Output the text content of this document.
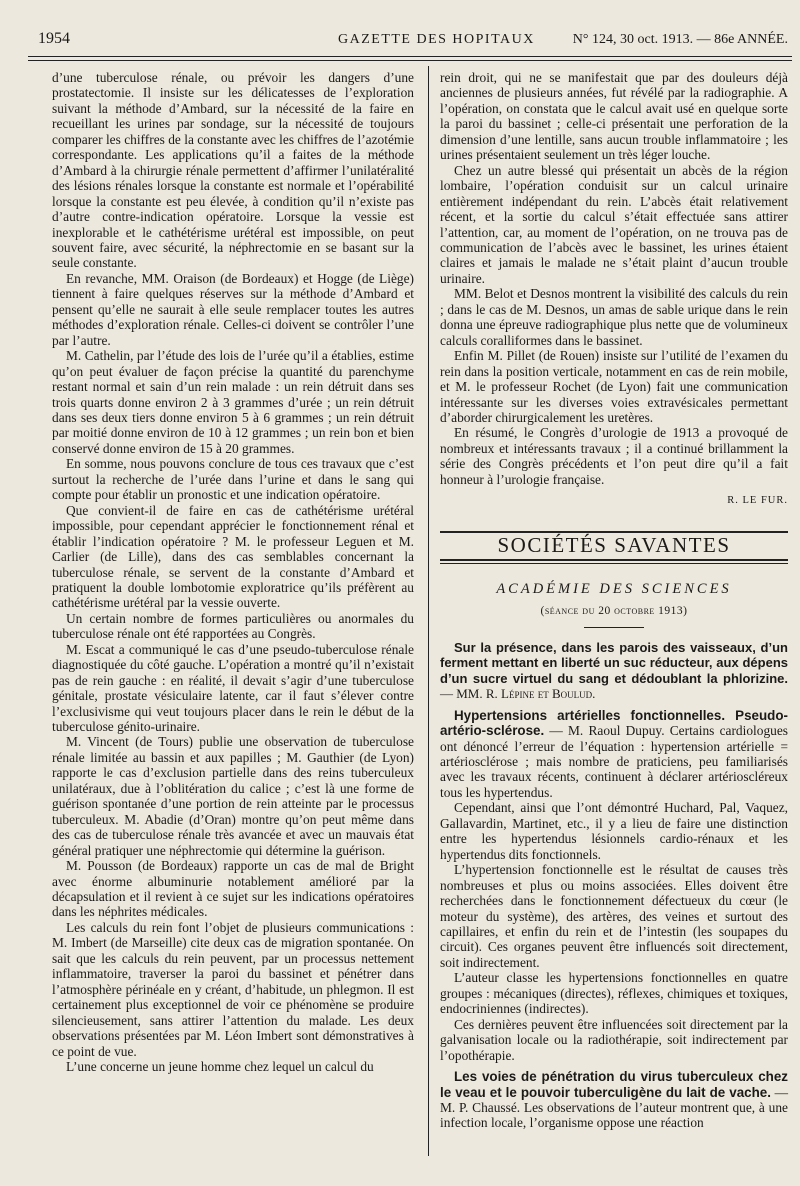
1954	GAZETTE DES HOPITAUX	N° 124, 30 oct. 1913. — 86e ANNÉE.

d’une tuberculose rénale, ou prévoir les dangers d’une prostatectomie. Il insiste sur les délicatesses de l’exploration suivant la méthode d’Ambard, sur la nécessité de la faire en recueillant les urines par sondage, sur la nécessité de toujours comparer les chiffres de la constante avec les chiffres de l’azotémie correspondante. Les applications qu’il a faites de la méthode d’Ambard à la chirurgie rénale permettent d’affirmer l’unilatéralité des lésions rénales lorsque la constante est normale et l’opérabilité lorsque la constante est peu élevée, à condition qu’il n’existe pas d’autre contre-indication opératoire. Lorsque la vessie est inexplorable et le cathétérisme urétéral est impossible, on peut souvent faire, avec sécurité, la néphrectomie en se basant sur la seule constante.

En revanche, MM. Oraison (de Bordeaux) et Hogge (de Liège) tiennent à faire quelques réserves sur la méthode d’Ambard et pensent qu’elle ne saurait à elle seule remplacer toutes les autres méthodes d’exploration rénale. Celles-ci doivent se contrôler l’une par l’autre.

M. Cathelin, par l’étude des lois de l’urée qu’il a établies, estime qu’on peut évaluer de façon précise la quantité du parenchyme restant normal et sain d’un rein malade : un rein détruit dans ses trois quarts donne environ 2 à 3 grammes d’urée ; un rein détruit dans ses deux tiers donne environ 5 à 6 grammes ; un rein détruit par moitié donne environ de 10 à 12 grammes ; un rein bon et bien conservé donne environ de 15 à 20 grammes.

En somme, nous pouvons conclure de tous ces travaux que c’est surtout la recherche de l’urée dans l’urine et dans le sang qui compte pour établir un pronostic et une indication opératoire.

Que convient-il de faire en cas de cathétérisme urétéral impossible, pour cependant apprécier le fonctionnement rénal et établir l’indication opératoire ? M. le professeur Leguen et M. Carlier (de Lille), dans des cas semblables concernant la tuberculose rénale, se servent de la constante d’Ambard et pratiquent la double lombotomie exploratrice qu’ils préfèrent au cathétérisme urétéral par la vessie ouverte.

Un certain nombre de formes particulières ou anormales du tuberculose rénale ont été rapportées au Congrès.

M. Escat a communiqué le cas d’une pseudo-tuberculose rénale diagnostiquée du côté gauche. L’opération a montré qu’il n’existait pas de rein gauche : en réalité, il devait s’agir d’une tuberculose génitale, prostate vésiculaire latente, car il faut s’élever contre l’exclusivisme qui veut toujours placer dans le rein le début de la tuberculose génito-urinaire.

M. Vincent (de Tours) publie une observation de tuberculose rénale limitée au bassin et aux papilles ; M. Gauthier (de Lyon) rapporte le cas d’exclusion partielle dans des reins tuberculeux unilatéraux, due à l’oblitération du calice ; c’est là une forme de guérison spontanée d’une portion de rein atteinte par le processus tuberculeux. M. Abadie (d’Oran) montre qu’on peut même dans des cas de tuberculose rénale très avancée et avec un mauvais état général pratiquer une néphrectomie qui détermine la guérison.

M. Pousson (de Bordeaux) rapporte un cas de mal de Bright avec énorme albuminurie notablement amélioré par la décapsulation et il revient à ce sujet sur les indications opératoires dans les néphrites médicales.

Les calculs du rein font l’objet de plusieurs communications : M. Imbert (de Marseille) cite deux cas de migration spontanée. On sait que les calculs du rein peuvent, par un processus nettement inflammatoire, traverser la paroi du bassinet et pénétrer dans l’atmosphère périnéale en y créant, d’habitude, un phlegmon. Il est certainement plus exceptionnel de voir ce phénomène se produire silencieusement, sans attirer l’attention du malade. Les deux observations présentées par M. Léon Imbert sont démonstratives à ce point de vue.

L’une concerne un jeune homme chez lequel un calcul du

rein droit, qui ne se manifestait que par des douleurs déjà anciennes de plusieurs années, fut révélé par la radiographie. A l’opération, on constata que le calcul avait usé en quelque sorte la paroi du bassinet ; celle-ci présentait une perforation de la dimension d’une lentille, sans aucun trouble inflammatoire ; les urines présentaient seulement un très léger louche.

Chez un autre blessé qui présentait un abcès de la région lombaire, l’opération conduisit sur un calcul urinaire entièrement indépendant du rein. L’abcès était relativement récent, et la sortie du calcul s’était effectuée sans attirer l’attention, car, au moment de l’opération, on ne trouva pas de communication de l’abcès avec le bassinet, les urines étaient claires et jamais le malade ne s’était plaint d’aucun trouble urinaire.

MM. Belot et Desnos montrent la visibilité des calculs du rein ; dans le cas de M. Desnos, un amas de sable urique dans le rein donna une épreuve radiographique plus nette que de volumineux calculs coralliformes dans le bassinet.

Enfin M. Pillet (de Rouen) insiste sur l’utilité de l’examen du rein dans la position verticale, notamment en cas de rein mobile, et M. le professeur Rochet (de Lyon) fait une communication intéressante sur les diverses voies extravésicales permettant d’aborder chirurgicalement les uretères.

En résumé, le Congrès d’urologie de 1913 a provoqué de nombreux et intéressants travaux ; il a continué brillamment la série des Congrès précédents et l’on peut dire qu’il a fait honneur à l’urologie française.

R. LE FUR.

SOCIÉTÉS SAVANTES
ACADÉMIE DES SCIENCES
(séance du 20 octobre 1913)

Sur la présence, dans les parois des vaisseaux, d’un ferment mettant en liberté un suc réducteur, aux dépens d’un sucre virtuel du sang et dédoublant la phlorizine. — MM. R. Lépine et Boulud.

Hypertensions artérielles fonctionnelles. Pseudo-artério-sclérose. — M. Raoul Dupuy. Certains cardiologues ont dénoncé l’erreur de l’équation : hypertension artérielle = artériosclérose ; mais nombre de praticiens, peu familiarisés avec les travaux récents, continuent à déclarer artérioscléreux tous les hypertendus.

Cependant, ainsi que l’ont démontré Huchard, Pal, Vaquez, Gallavardin, Martinet, etc., il y a lieu de faire une distinction entre les hypertendus lésionnels cardio-rénaux et les hypertendus dits fonctionnels.

L’hypertension fonctionnelle est le résultat de causes très nombreuses et plus ou moins associées. Elles doivent être recherchées dans le fonctionnement défectueux du cœur (le moteur du système), des artères, des veines et surtout des capillaires, et enfin du rein et de l’intestin (les soupapes du circuit). Ces organes peuvent être influencés soit directement, soit indirectement.

L’auteur classe les hypertensions fonctionnelles en quatre groupes : mécaniques (directes), réflexes, chimiques et toxiques, endocriniennes (indirectes).

Ces dernières peuvent être influencées soit directement par la galvanisation locale ou la radiothérapie, soit indirectement par l’opothérapie.

Les voies de pénétration du virus tuberculeux chez le veau et le pouvoir tuberculigène du lait de vache. — M. P. Chaussé. Les observations de l’auteur montrent que, à une infection locale, l’organisme oppose une réaction
